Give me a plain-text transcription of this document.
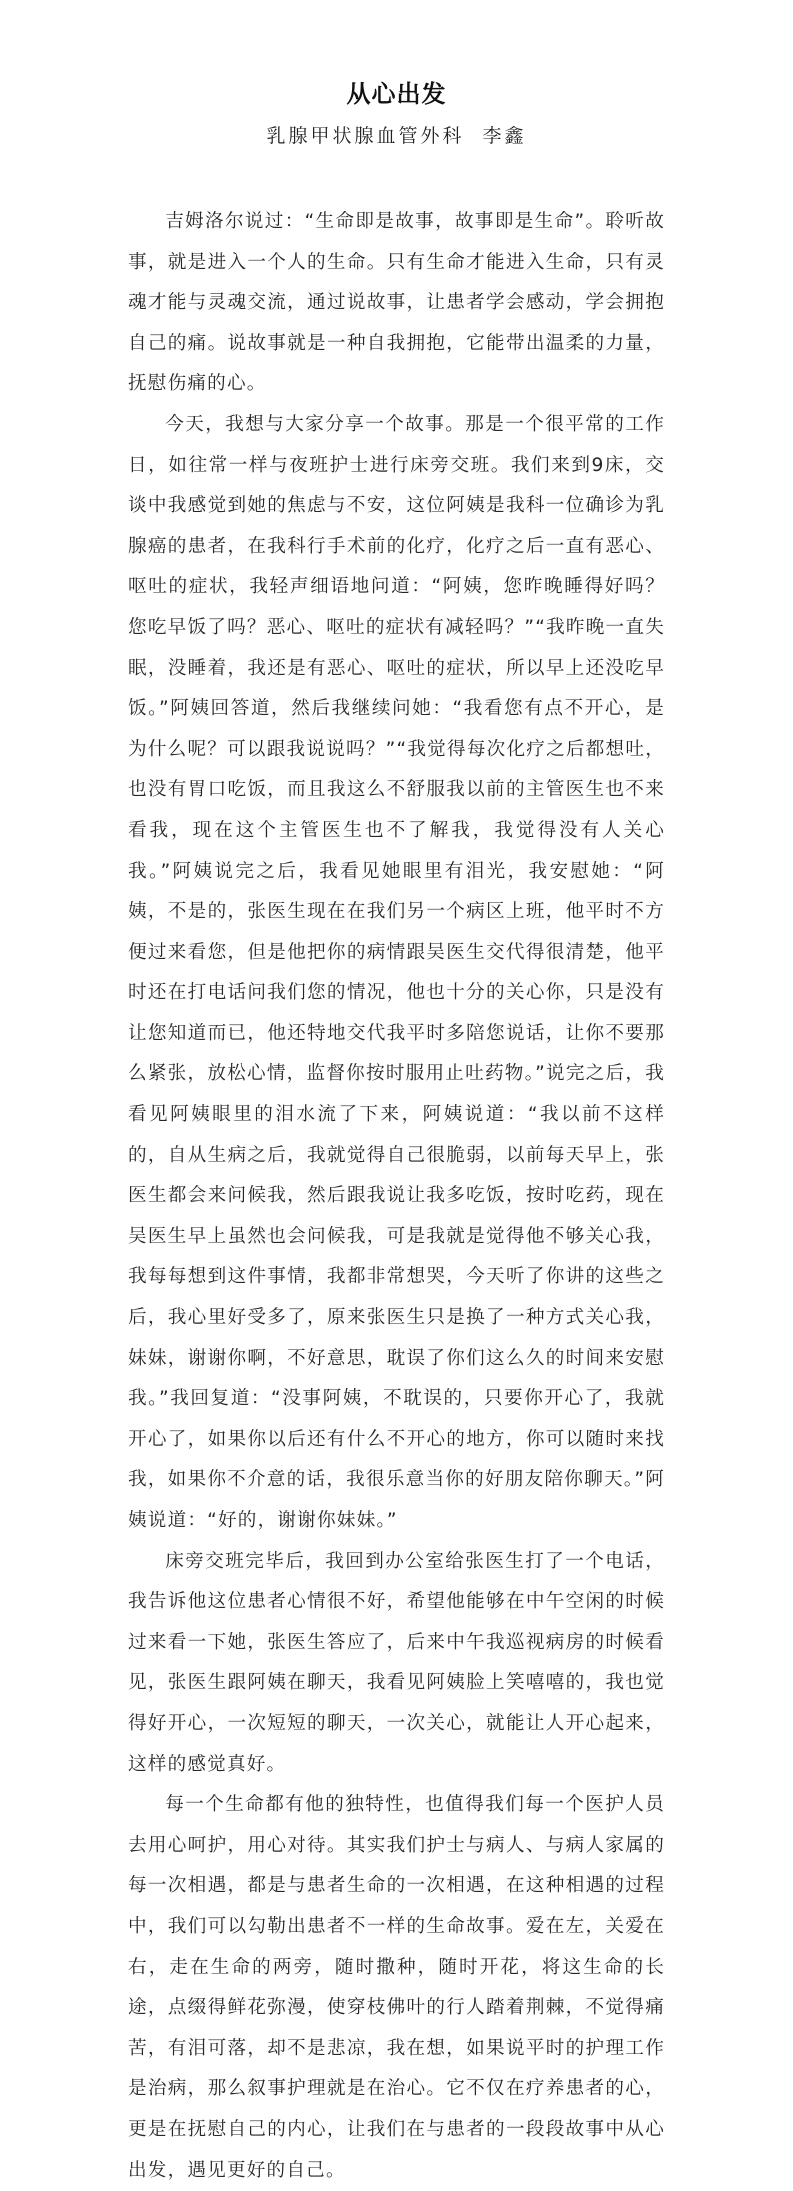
从心出发
乳腺甲状腺血管外科 李鑫

吉姆洛尔说过：“生命即是故事，故事即是生命”。聆听故事，就是进入一个人的生命。只有生命才能进入生命，只有灵魂才能与灵魂交流，通过说故事，让患者学会感动，学会拥抱自己的痛。说故事就是一种自我拥抱，它能带出温柔的力量，抚慰伤痛的心。

今天，我想与大家分享一个故事。那是一个很平常的工作日，如往常一样与夜班护士进行床旁交班。我们来到9床，交谈中我感觉到她的焦虑与不安，这位阿姨是我科一位确诊为乳腺癌的患者，在我科行手术前的化疗，化疗之后一直有恶心、呕吐的症状，我轻声细语地问道：“阿姨，您昨晚睡得好吗？您吃早饭了吗？恶心、呕吐的症状有减轻吗？”“我昨晚一直失眠，没睡着，我还是有恶心、呕吐的症状，所以早上还没吃早饭。”阿姨回答道，然后我继续问她：“我看您有点不开心，是为什么呢？可以跟我说说吗？”“我觉得每次化疗之后都想吐，也没有胃口吃饭，而且我这么不舒服我以前的主管医生也不来看我，现在这个主管医生也不了解我，我觉得没有人关心我。”阿姨说完之后，我看见她眼里有泪光，我安慰她：“阿姨，不是的，张医生现在在我们另一个病区上班，他平时不方便过来看您，但是他把你的病情跟吴医生交代得很清楚，他平时还在打电话问我们您的情况，他也十分的关心你，只是没有让您知道而已，他还特地交代我平时多陪您说话，让你不要那么紧张，放松心情，监督你按时服用止吐药物。”说完之后，我看见阿姨眼里的泪水流了下来，阿姨说道：“我以前不这样的，自从生病之后，我就觉得自己很脆弱，以前每天早上，张医生都会来问候我，然后跟我说让我多吃饭，按时吃药，现在吴医生早上虽然也会问候我，可是我就是觉得他不够关心我，我每每想到这件事情，我都非常想哭，今天听了你讲的这些之后，我心里好受多了，原来张医生只是换了一种方式关心我，妹妹，谢谢你啊，不好意思，耽误了你们这么久的时间来安慰我。”我回复道：“没事阿姨，不耽误的，只要你开心了，我就开心了，如果你以后还有什么不开心的地方，你可以随时来找我，如果你不介意的话，我很乐意当你的好朋友陪你聊天。”阿姨说道：“好的，谢谢你妹妹。”

床旁交班完毕后，我回到办公室给张医生打了一个电话，我告诉他这位患者心情很不好，希望他能够在中午空闲的时候过来看一下她，张医生答应了，后来中午我巡视病房的时候看见，张医生跟阿姨在聊天，我看见阿姨脸上笑嘻嘻的，我也觉得好开心，一次短短的聊天，一次关心，就能让人开心起来，这样的感觉真好。

每一个生命都有他的独特性，也值得我们每一个医护人员去用心呵护，用心对待。其实我们护士与病人、与病人家属的每一次相遇，都是与患者生命的一次相遇，在这种相遇的过程中，我们可以勾勒出患者不一样的生命故事。爱在左，关爱在右，走在生命的两旁，随时撒种，随时开花，将这生命的长途，点缀得鲜花弥漫，使穿枝佛叶的行人踏着荆棘，不觉得痛苦，有泪可落，却不是悲凉，我在想，如果说平时的护理工作是治病，那么叙事护理就是在治心。它不仅在疗养患者的心，更是在抚慰自己的内心，让我们在与患者的一段段故事中从心出发，遇见更好的自己。
